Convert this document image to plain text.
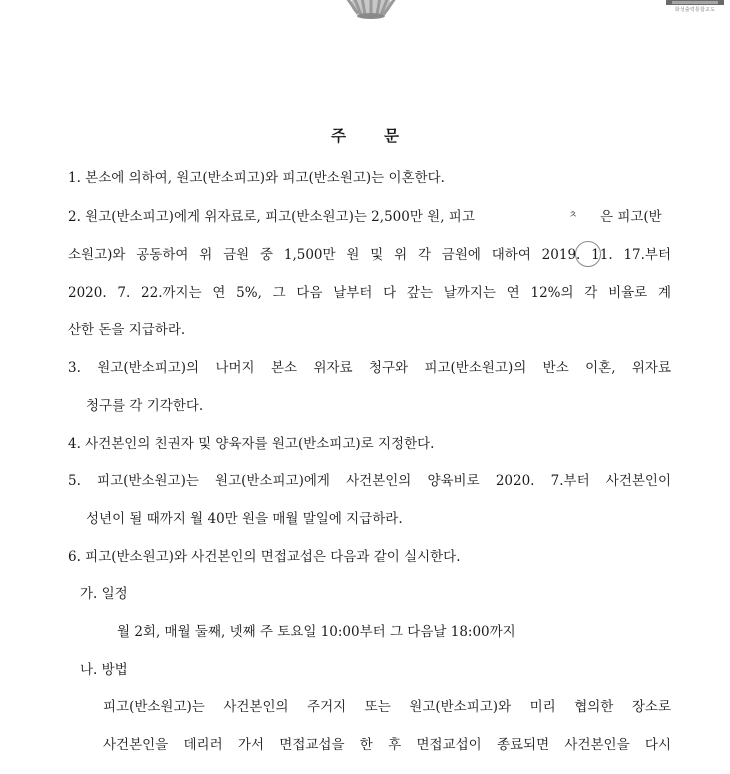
화성출력통합교도
주 문
1. 본소에 의하여, 원고(반소피고)와 피고(반소원고)는 이혼한다.
2. 원고(반소피고)에게 위자료로, 피고(반소원고)는 2,500만 원, 피고	ㅊ 은 피고(반
소원고)와 공동하여 위 금원 중 1,500만 원 및 위 각 금원에 대하여 2019. 11. 17.부터
2020. 7. 22.까지는 연 5%, 그 다음 날부터 다 갚는 날까지는 연 12%의 각 비율로 계
산한 돈을 지급하라.
3. 원고(반소피고)의 나머지 본소 위자료 청구와 피고(반소원고)의 반소 이혼, 위자료
청구를 각 기각한다.
4. 사건본인의 친권자 및 양육자를 원고(반소피고)로 지정한다.
5. 피고(반소원고)는 원고(반소피고)에게 사건본인의 양육비로 2020. 7.부터 사건본인이
성년이 될 때까지 월 40만 원을 매월 말일에 지급하라.
6. 피고(반소원고)와 사건본인의 면접교섭은 다음과 같이 실시한다.
가. 일정
월 2회, 매월 둘째, 넷째 주 토요일 10:00부터 그 다음날 18:00까지
나. 방법
피고(반소원고)는 사건본인의 주거지 또는 원고(반소피고)와 미리 협의한 장소로
사건본인을 데리러 가서 면접교섭을 한 후 면접교섭이 종료되면 사건본인을 다시
